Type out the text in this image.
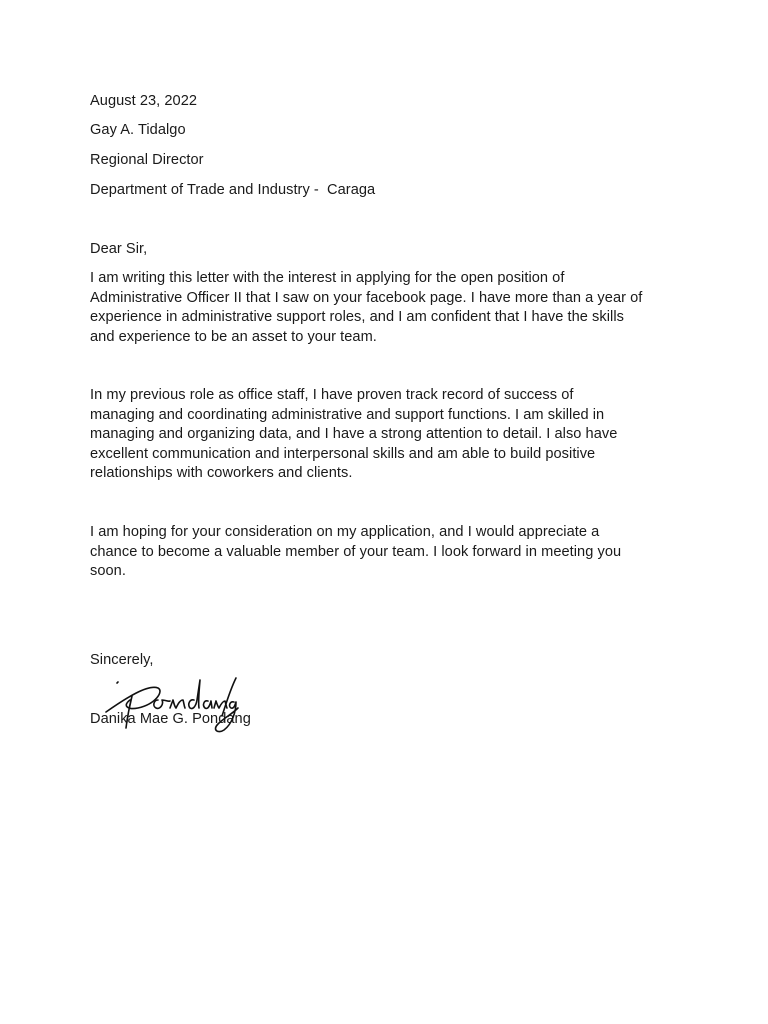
August 23, 2022
Gay A. Tidalgo
Regional Director
Department of Trade and Industry -  Caraga
Dear Sir,
I am writing this letter with the interest in applying for the open position of
Administrative Officer II that I saw on your facebook page. I have more than a year of
experience in administrative support roles, and I am confident that I have the skills
and experience to be an asset to your team.
In my previous role as office staff, I have proven track record of success of
managing and coordinating administrative and support functions. I am skilled in
managing and organizing data, and I have a strong attention to detail. I also have
excellent communication and interpersonal skills and am able to build positive
relationships with coworkers and clients.
I am hoping for your consideration on my application, and I would appreciate a
chance to become a valuable member of your team. I look forward in meeting you
soon.
Sincerely,
Danika Mae G. Pondang
